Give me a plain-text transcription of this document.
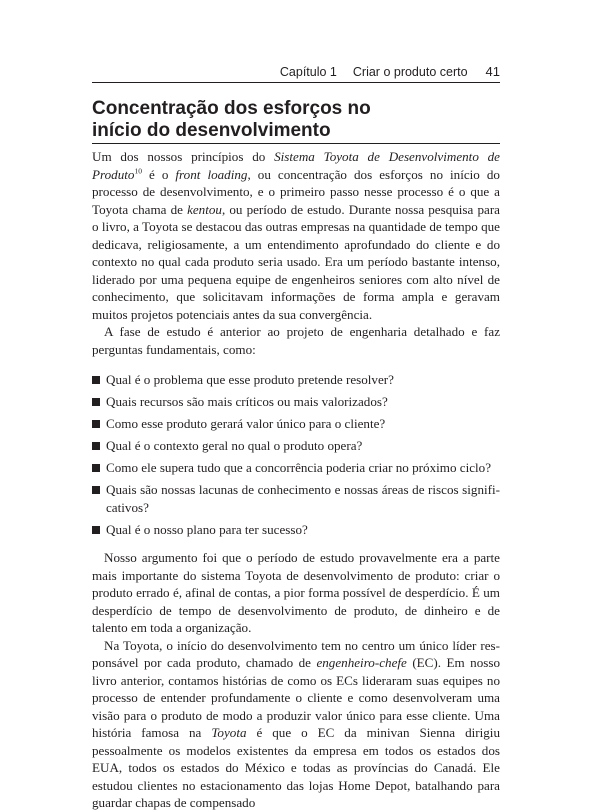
Capítulo 1 Criar o produto certo 41
Concentração dos esforços no
início do desenvolvimento

Um dos nossos princípios do Sistema Toyota de Desenvolvimento de Produto$^{10}$ é o front loading, ou concentração dos esforços no início do processo de desenvolvimento, e o primeiro passo nesse processo é o que a Toyota chama de kentou, ou período de estudo. Durante nossa pesquisa para o livro, a Toyota se destacou das outras empresas na quantidade de tempo que dedicava, religiosamente, a um entendimento aprofundado do cliente e do contexto no qual cada produto seria usado. Era um período bastante intenso, liderado por uma pequena equipe de engenheiros seniores com alto nível de conhecimento, que solicitavam informações de forma ampla e geravam muitos projetos potenciais antes da sua convergência.

A fase de estudo é anterior ao projeto de engenharia detalhado e faz perguntas fundamentais, como:

Qual é o problema que esse produto pretende resolver?
Quais recursos são mais críticos ou mais valorizados?
Como esse produto gerará valor único para o cliente?
Qual é o contexto geral no qual o produto opera?
Como ele supera tudo que a concorrência poderia criar no próximo ciclo?
Quais são nossas lacunas de conhecimento e nossas áreas de riscos significativos?
Qual é o nosso plano para ter sucesso?

Nosso argumento foi que o período de estudo provavelmente era a parte mais importante do sistema Toyota de desenvolvimento de produto: criar o produto errado é, afinal de contas, a pior forma possível de desperdício. É um desperdício de tempo de desenvolvimento de produto, de dinheiro e de talento em toda a organização.

Na Toyota, o início do desenvolvimento tem no centro um único líder responsável por cada produto, chamado de engenheiro-chefe (EC). Em nosso livro anterior, contamos histórias de como os ECs lideraram suas equipes no processo de entender profundamente o cliente e como desenvolveram uma visão para o produto de modo a produzir valor único para esse cliente. Uma história famosa na Toyota é que o EC da minivan Sienna dirigiu pessoalmente os modelos existentes da empresa em todos os estados dos EUA, todos os estados do México e todas as províncias do Canadá. Ele estudou clientes no estacionamento das lojas Home Depot, batalhando para guardar chapas de compensado
